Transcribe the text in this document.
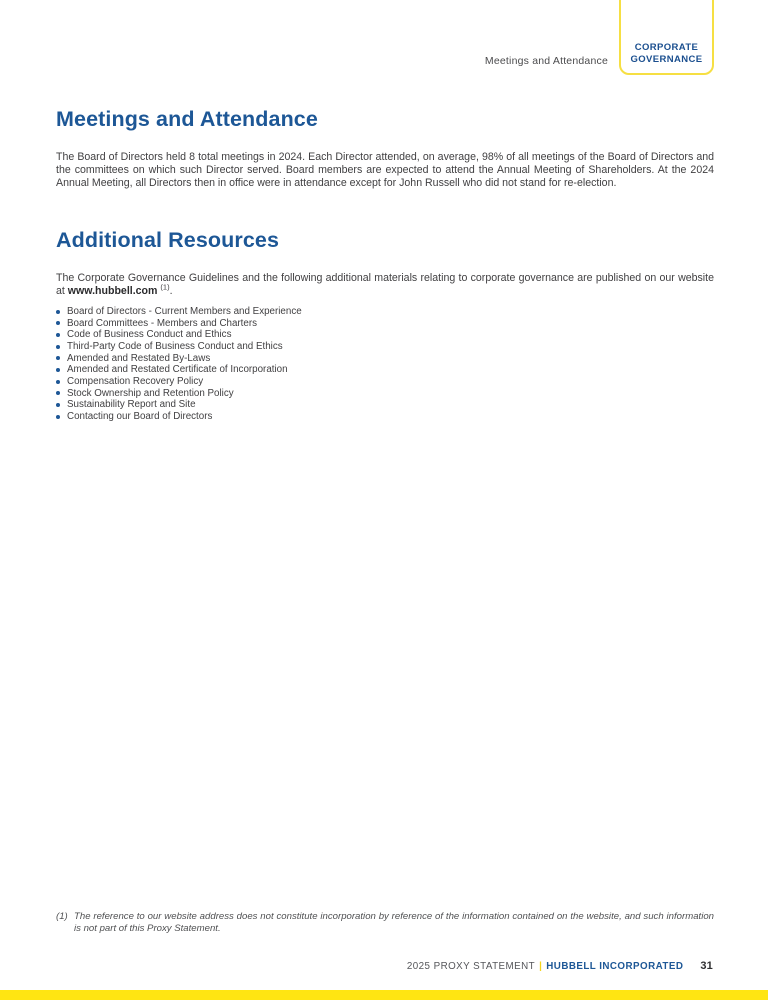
Meetings and Attendance
CORPORATE
GOVERNANCE
Meetings and Attendance

The Board of Directors held 8 total meetings in 2024. Each Director attended, on average, 98% of all meetings of the Board of Directors and the committees on which such Director served. Board members are expected to attend the Annual Meeting of Shareholders. At the 2024 Annual Meeting, all Directors then in office were in attendance except for John Russell who did not stand for re-election.

Additional Resources

The Corporate Governance Guidelines and the following additional materials relating to corporate governance are published on our website at www.hubbell.com $^{(1)}$.

Board of Directors - Current Members and Experience
Board Committees - Members and Charters
Code of Business Conduct and Ethics
Third-Party Code of Business Conduct and Ethics
Amended and Restated By-Laws
Amended and Restated Certificate of Incorporation
Compensation Recovery Policy
Stock Ownership and Retention Policy
Sustainability Report and Site
Contacting our Board of Directors
(1) The reference to our website address does not constitute incorporation by reference of the information contained on the website, and such information is not part of this Proxy Statement.
2025 PROXY STATEMENT | HUBBELL INCORPORATED 31
